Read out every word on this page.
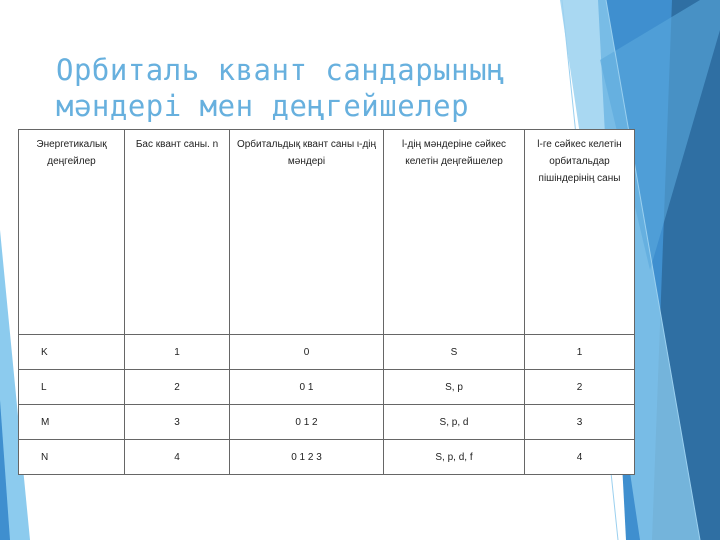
Орбиталь квант сандарының
мәндері мен деңгейшелер
Энергетикалық деңгейлер	Бас квант саны. n	Орбитальдық квант саны ι-дің мәндері	l-дің мәндеріне сәйкес келетін деңгейшелер	l-ге сәйкес келетін орбитальдар пішіндерінің саны
K	1	0	S	1
L	2	0 1	S, p	2
M	3	0 1 2	S, p, d	3
N	4	0 1 2 3	S, p, d, f	4
